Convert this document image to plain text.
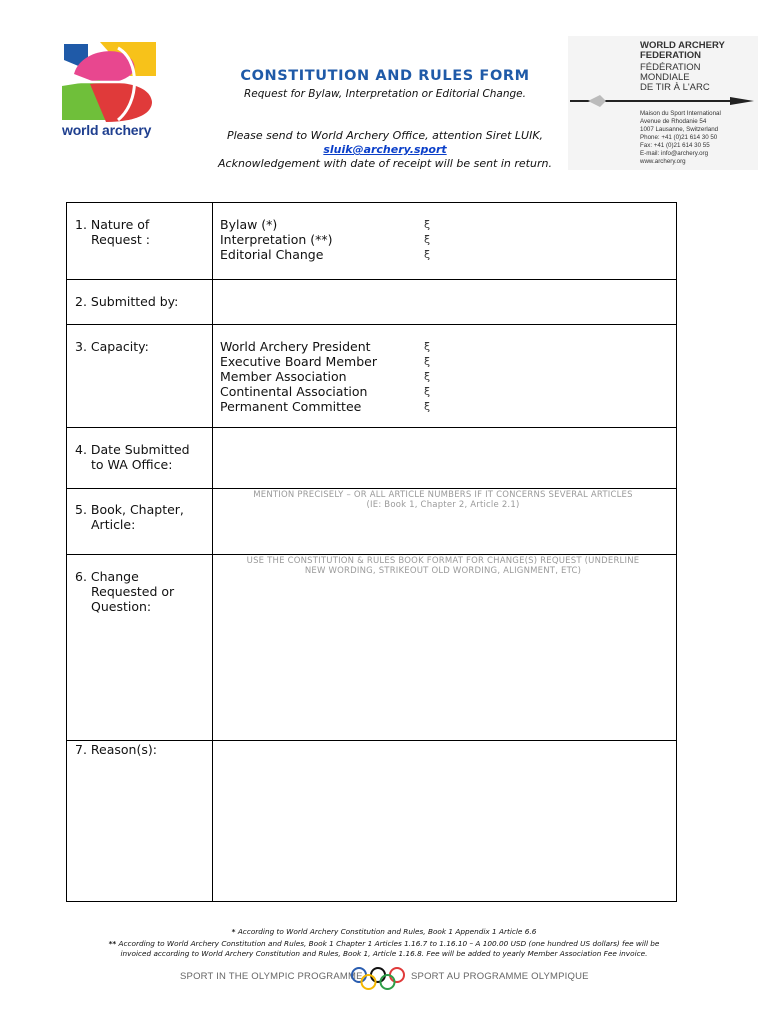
world archery
CONSTITUTION AND RULES FORM
Request for Bylaw, Interpretation or Editorial Change.
Please send to World Archery Office, attention Siret LUIK,
sluik@archery.sport
Acknowledgement with date of receipt will be sent in return.
WORLD ARCHERY
FEDERATION
FÉDÉRATION
MONDIALE
DE TIR À L'ARC
Maison du Sport International
Avenue de Rhodanie 54
1007 Lausanne, Switzerland
Phone: +41 (0)21 614 30 50
Fax: +41 (0)21 614 30 55
E-mail: info@archery.org
www.archery.org
1. Nature of
Request :
Bylaw (*)	ξ
Interpretation (**)	ξ
Editorial Change	ξ
2. Submitted by:
3. Capacity:	World Archery President	ξ
Executive Board Member	ξ
Member Association	ξ
Continental Association	ξ
Permanent Committee	ξ
4. Date Submitted
to WA Office:
5. Book, Chapter,
Article:
MENTION PRECISELY – OR ALL ARTICLE NUMBERS IF IT CONCERNS SEVERAL ARTICLES
(IE: Book 1, Chapter 2, Article 2.1)
6. Change
Requested or
Question:
USE THE CONSTITUTION & RULES BOOK FORMAT FOR CHANGE(S) REQUEST (UNDERLINE
NEW WORDING, STRIKEOUT OLD WORDING, ALIGNMENT, ETC)
7. Reason(s):
* According to World Archery Constitution and Rules, Book 1 Appendix 1 Article 6.6
** According to World Archery Constitution and Rules, Book 1 Chapter 1 Articles 1.16.7 to 1.16.10 – A 100.00 USD (one hundred US dollars) fee will be
invoiced according to World Archery Constitution and Rules, Book 1, Article 1.16.8. Fee will be added to yearly Member Association Fee invoice.
SPORT IN THE OLYMPIC PROGRAMME	SPORT AU PROGRAMME OLYMPIQUE
